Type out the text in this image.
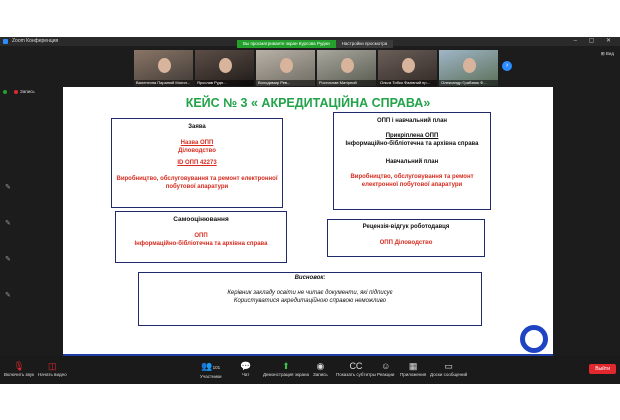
Zoom Конференция	– ▢ ✕
Вы просматриваете экран Курсова Рудни	Настройки просмотра
⊞ Вид
Валентина Паранюй Могил...	Ярослав Рудн...	Володимир Рев...	Ростислав Матірний	Ольга Тибко Фахівний пр...	Олександр Грабзник Ф...
›
Запись
✎
✎
✎
✎
КЕЙС № 3 « АКРЕДИТАЦІЙНА СПРАВА»

Заява

Назва ОПП

Діловодство

ID ОПП 42273

Виробництво, обслуговування та ремонт електронної

побутової апаратури

ОПП і навчальний план

Прикріплена ОПП

Інформаційно-бібліотечна та архівна справа

Навчальний план

Виробництво, обслуговування та ремонт

електронної побутової апаратури

Самооцінювання

ОПП

Інформаційно-бібліотечна та архівна справа

Рецензія-відгук роботодавця

ОПП Діловодство

Висновок:

Керівник закладу освіти не читає документи, які підписує

Користуватися акредитаційною справою неможливо

🎙
Включить звук
◫
Начать видео
👥101
Участники
💬
Чат
⬆
Демонстрация экрана
◉
Запись
CC
Показать субтитры
☺
Реакции
▦
Приложения
▭
Доски сообщений
Выйти
